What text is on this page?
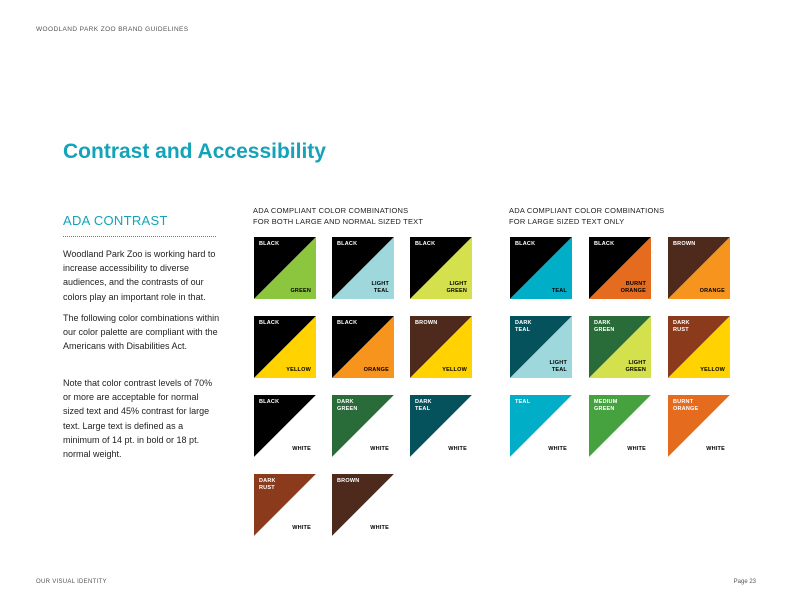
WOODLAND PARK ZOO BRAND GUIDELINES
Contrast and Accessibility
ADA CONTRAST

Woodland Park Zoo is working hard to increase accessibility to diverse audiences, and the contrasts of our colors play an important role in that.

The following color combinations within our color palette are compliant with the Americans with Disabilities Act.

Note that color contrast levels of 70% or more are acceptable for normal sized text and 45% contrast for large text. Large text is defined as a minimum of 14 pt. in bold or 18 pt. normal weight.

ADA COMPLIANT COLOR COMBINATIONS
FOR BOTH LARGE AND NORMAL SIZED TEXT
ADA COMPLIANT COLOR COMBINATIONS
FOR LARGE SIZED TEXT ONLY
BLACK
GREEN
BLACK
LIGHT
TEAL
BLACK
LIGHT
GREEN
BLACK
YELLOW
BLACK
ORANGE
BROWN
YELLOW
BLACK
WHITE
DARK
GREEN
WHITE
DARK
TEAL
WHITE
DARK
RUST
WHITE
BROWN
WHITE
BLACK
TEAL
BLACK
BURNT
ORANGE
BROWN
ORANGE
DARK
TEAL
LIGHT
TEAL
DARK
GREEN
LIGHT
GREEN
DARK
RUST
YELLOW
TEAL
WHITE
MEDIUM
GREEN
WHITE
BURNT
ORANGE
WHITE
OUR VISUAL IDENTITY	Page 23
